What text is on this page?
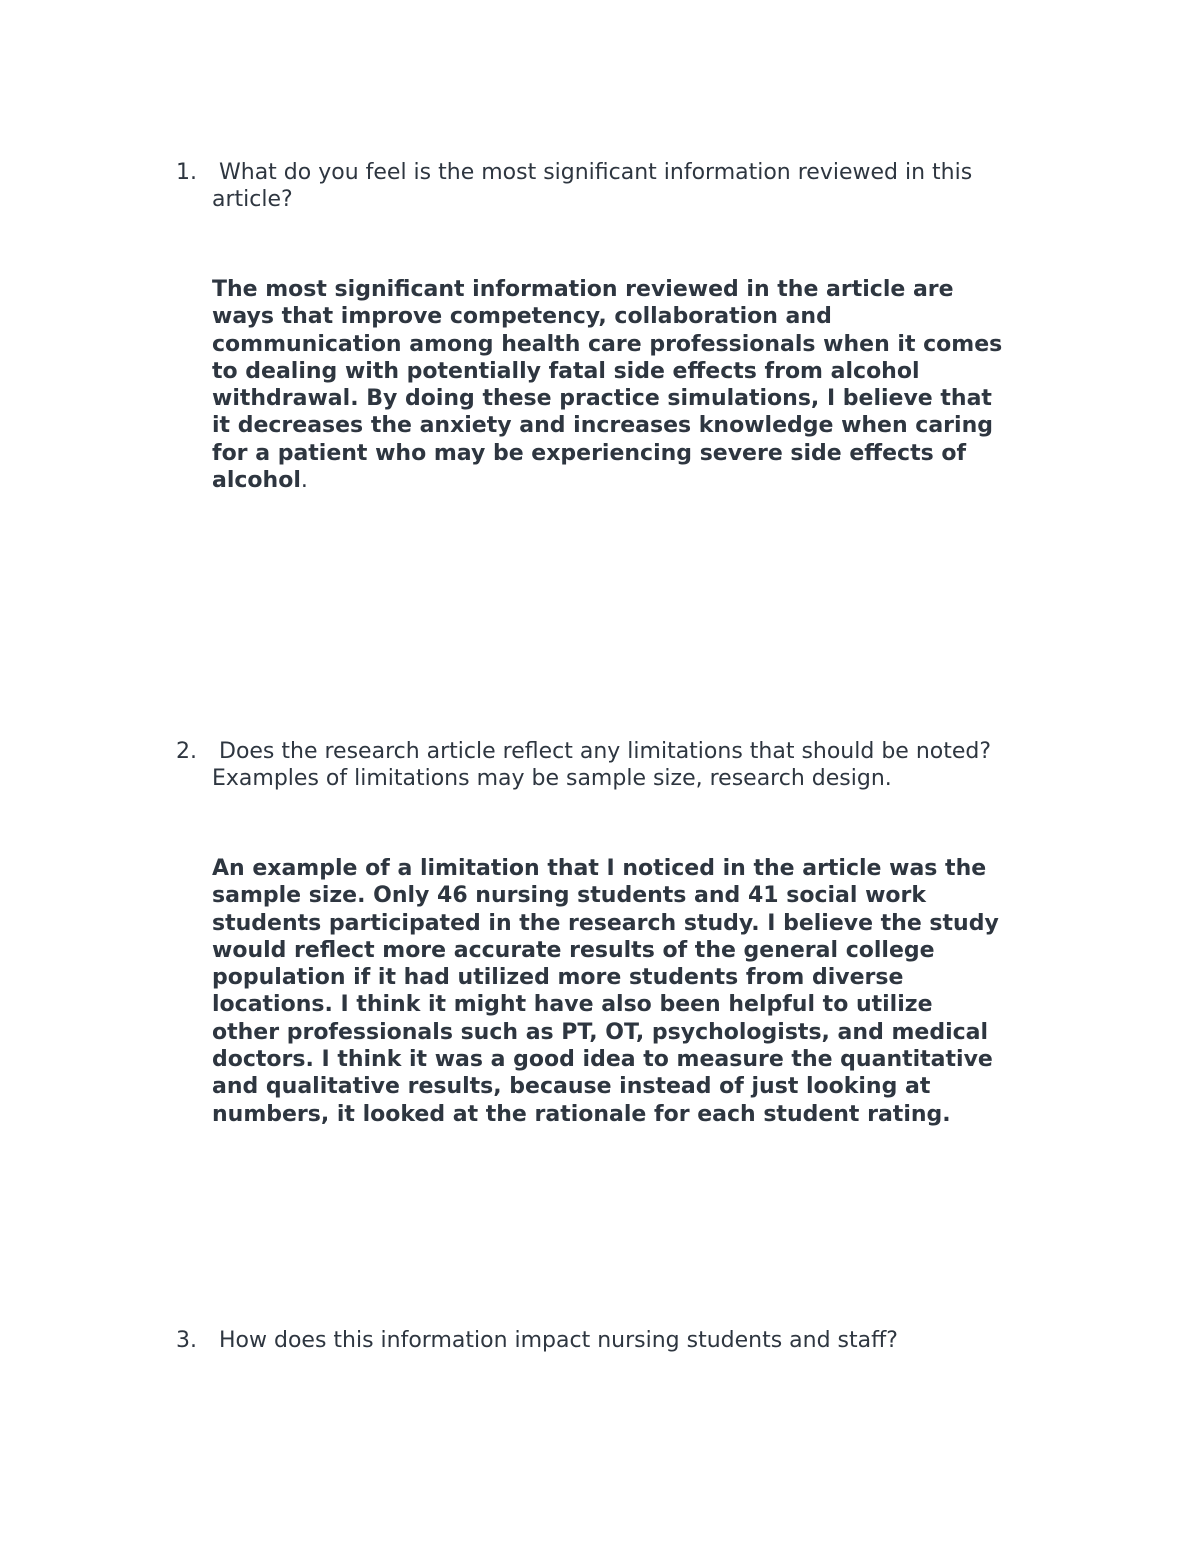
1.	What do you feel is the most significant information reviewed in this
article?
The most significant information reviewed in the article are
ways that improve competency, collaboration and
communication among health care professionals when it comes
to dealing with potentially fatal side effects from alcohol
withdrawal. By doing these practice simulations, I believe that
it decreases the anxiety and increases knowledge when caring
for a patient who may be experiencing severe side effects of
alcohol.
2.	Does the research article reflect any limitations that should be noted?
Examples of limitations may be sample size, research design.
An example of a limitation that I noticed in the article was the
sample size. Only 46 nursing students and 41 social work
students participated in the research study. I believe the study
would reflect more accurate results of the general college
population if it had utilized more students from diverse
locations. I think it might have also been helpful to utilize
other professionals such as PT, OT, psychologists, and medical
doctors. I think it was a good idea to measure the quantitative
and qualitative results, because instead of just looking at
numbers, it looked at the rationale for each student rating.
3. How does this information impact nursing students and staff?
